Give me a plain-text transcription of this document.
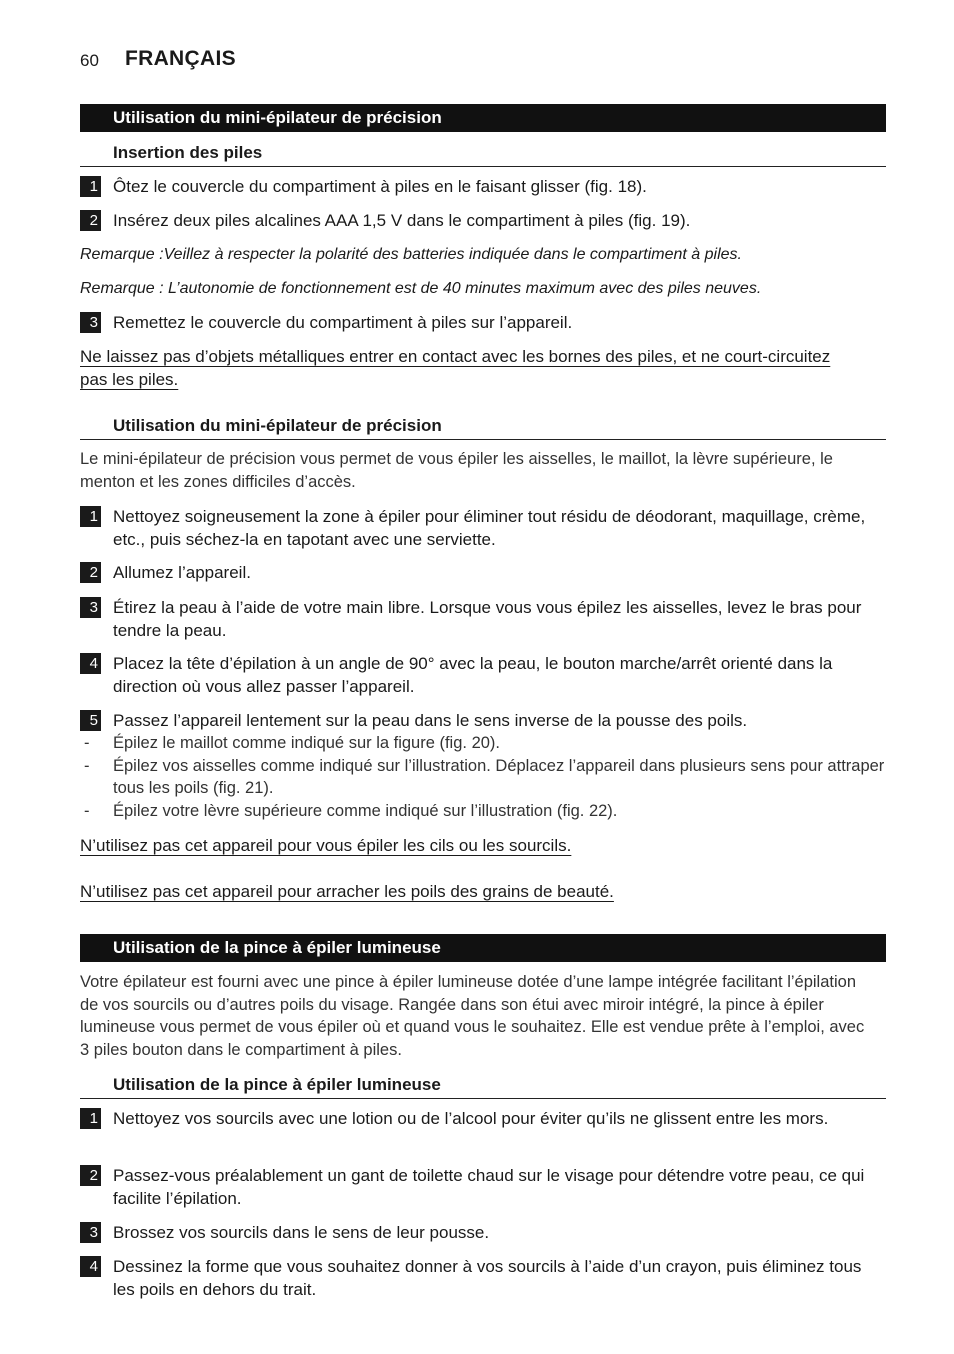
60 FRANÇAIS
Utilisation du mini-épilateur de précision
Insertion des piles
1 Ôtez le couvercle du compartiment à piles en le faisant glisser (fig. 18).
2 Insérez deux piles alcalines AAA 1,5 V dans le compartiment à piles (fig. 19).
Remarque :Veillez à respecter la polarité des batteries indiquée dans le compartiment à piles.
Remarque : L’autonomie de fonctionnement est de 40 minutes maximum avec des piles neuves.
3 Remettez le couvercle du compartiment à piles sur l’appareil.
Ne laissez pas d’objets métalliques entrer en contact avec les bornes des piles, et ne court-circuitez pas les piles.
Utilisation du mini-épilateur de précision
Le mini-épilateur de précision vous permet de vous épiler les aisselles, le maillot, la lèvre supérieure, le menton et les zones difficiles d’accès.
1 Nettoyez soigneusement la zone à épiler pour éliminer tout résidu de déodorant, maquillage, crème, etc., puis séchez-la en tapotant avec une serviette.
2 Allumez l’appareil.
3 Étirez la peau à l’aide de votre main libre. Lorsque vous vous épilez les aisselles, levez le bras pour tendre la peau.
4 Placez la tête d’épilation à un angle de 90° avec la peau, le bouton marche/arrêt orienté dans la direction où vous allez passer l’appareil.
5 Passez l’appareil lentement sur la peau dans le sens inverse de la pousse des poils.
- Épilez le maillot comme indiqué sur la figure (fig. 20).
- Épilez vos aisselles comme indiqué sur l’illustration. Déplacez l’appareil dans plusieurs sens pour attraper tous les poils (fig. 21).
- Épilez votre lèvre supérieure comme indiqué sur l’illustration (fig. 22).
N’utilisez pas cet appareil pour vous épiler les cils ou les sourcils.
N’utilisez pas cet appareil pour arracher les poils des grains de beauté.
Utilisation de la pince à épiler lumineuse
Votre épilateur est fourni avec une pince à épiler lumineuse dotée d’une lampe intégrée facilitant l’épilation de vos sourcils ou d’autres poils du visage. Rangée dans son étui avec miroir intégré, la pince à épiler lumineuse vous permet de vous épiler où et quand vous le souhaitez. Elle est vendue prête à l’emploi, avec 3 piles bouton dans le compartiment à piles.
Utilisation de la pince à épiler lumineuse
1 Nettoyez vos sourcils avec une lotion ou de l’alcool pour éviter qu’ils ne glissent entre les mors.
2 Passez-vous préalablement un gant de toilette chaud sur le visage pour détendre votre peau, ce qui facilite l’épilation.
3 Brossez vos sourcils dans le sens de leur pousse.
4 Dessinez la forme que vous souhaitez donner à vos sourcils à l’aide d’un crayon, puis éliminez tous les poils en dehors du trait.
